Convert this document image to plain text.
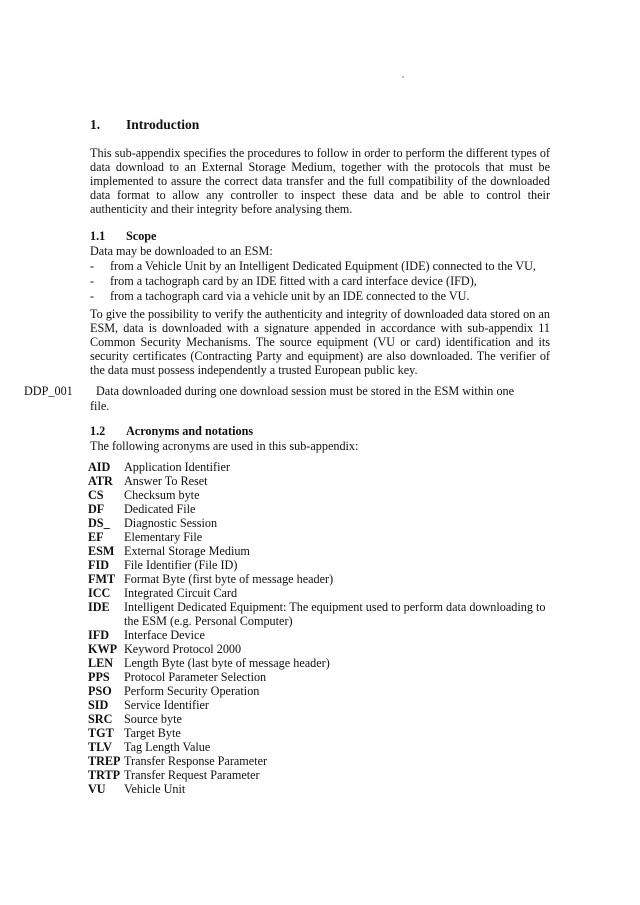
1. Introduction
This sub-appendix specifies the procedures to follow in order to perform the different types of data download to an External Storage Medium, together with the protocols that must be implemented to assure the correct data transfer and the full compatibility of the downloaded data format to allow any controller to inspect these data and be able to control their authenticity and their integrity before analysing them.
1.1 Scope
Data may be downloaded to an ESM:
- from a Vehicle Unit by an Intelligent Dedicated Equipment (IDE) connected to the VU,
- from a tachograph card by an IDE fitted with a card interface device (IFD),
- from a tachograph card via a vehicle unit by an IDE connected to the VU.
To give the possibility to verify the authenticity and integrity of downloaded data stored on an ESM, data is downloaded with a signature appended in accordance with sub-appendix 11 Common Security Mechanisms. The source equipment (VU or card) identification and its security certificates (Contracting Party and equipment) are also downloaded. The verifier of the data must possess independently a trusted European public key.
DDP_001 Data downloaded during one download session must be stored in the ESM within one
file.
1.2 Acronyms and notations
The following acronyms are used in this sub-appendix:
AID	Application Identifier
ATR Answer To Reset
CS	Checksum byte
DF	Dedicated File
DS_	Diagnostic Session
EF	Elementary File
ESM External Storage Medium
FID	File Identifier (File ID)
FMT Format Byte (first byte of message header)
ICC	Integrated Circuit Card
IDE	Intelligent Dedicated Equipment: The equipment used to perform data downloading to the ESM (e.g. Personal Computer)
IFD	Interface Device
KWP Keyword Protocol 2000
LEN Length Byte (last byte of message header)
PPS	Protocol Parameter Selection
PSO	Perform Security Operation
SID	Service Identifier
SRC Source byte
TGT Target Byte
TLV Tag Length Value
TREP Transfer Response Parameter
TRTP Transfer Request Parameter
VU	Vehicle Unit
